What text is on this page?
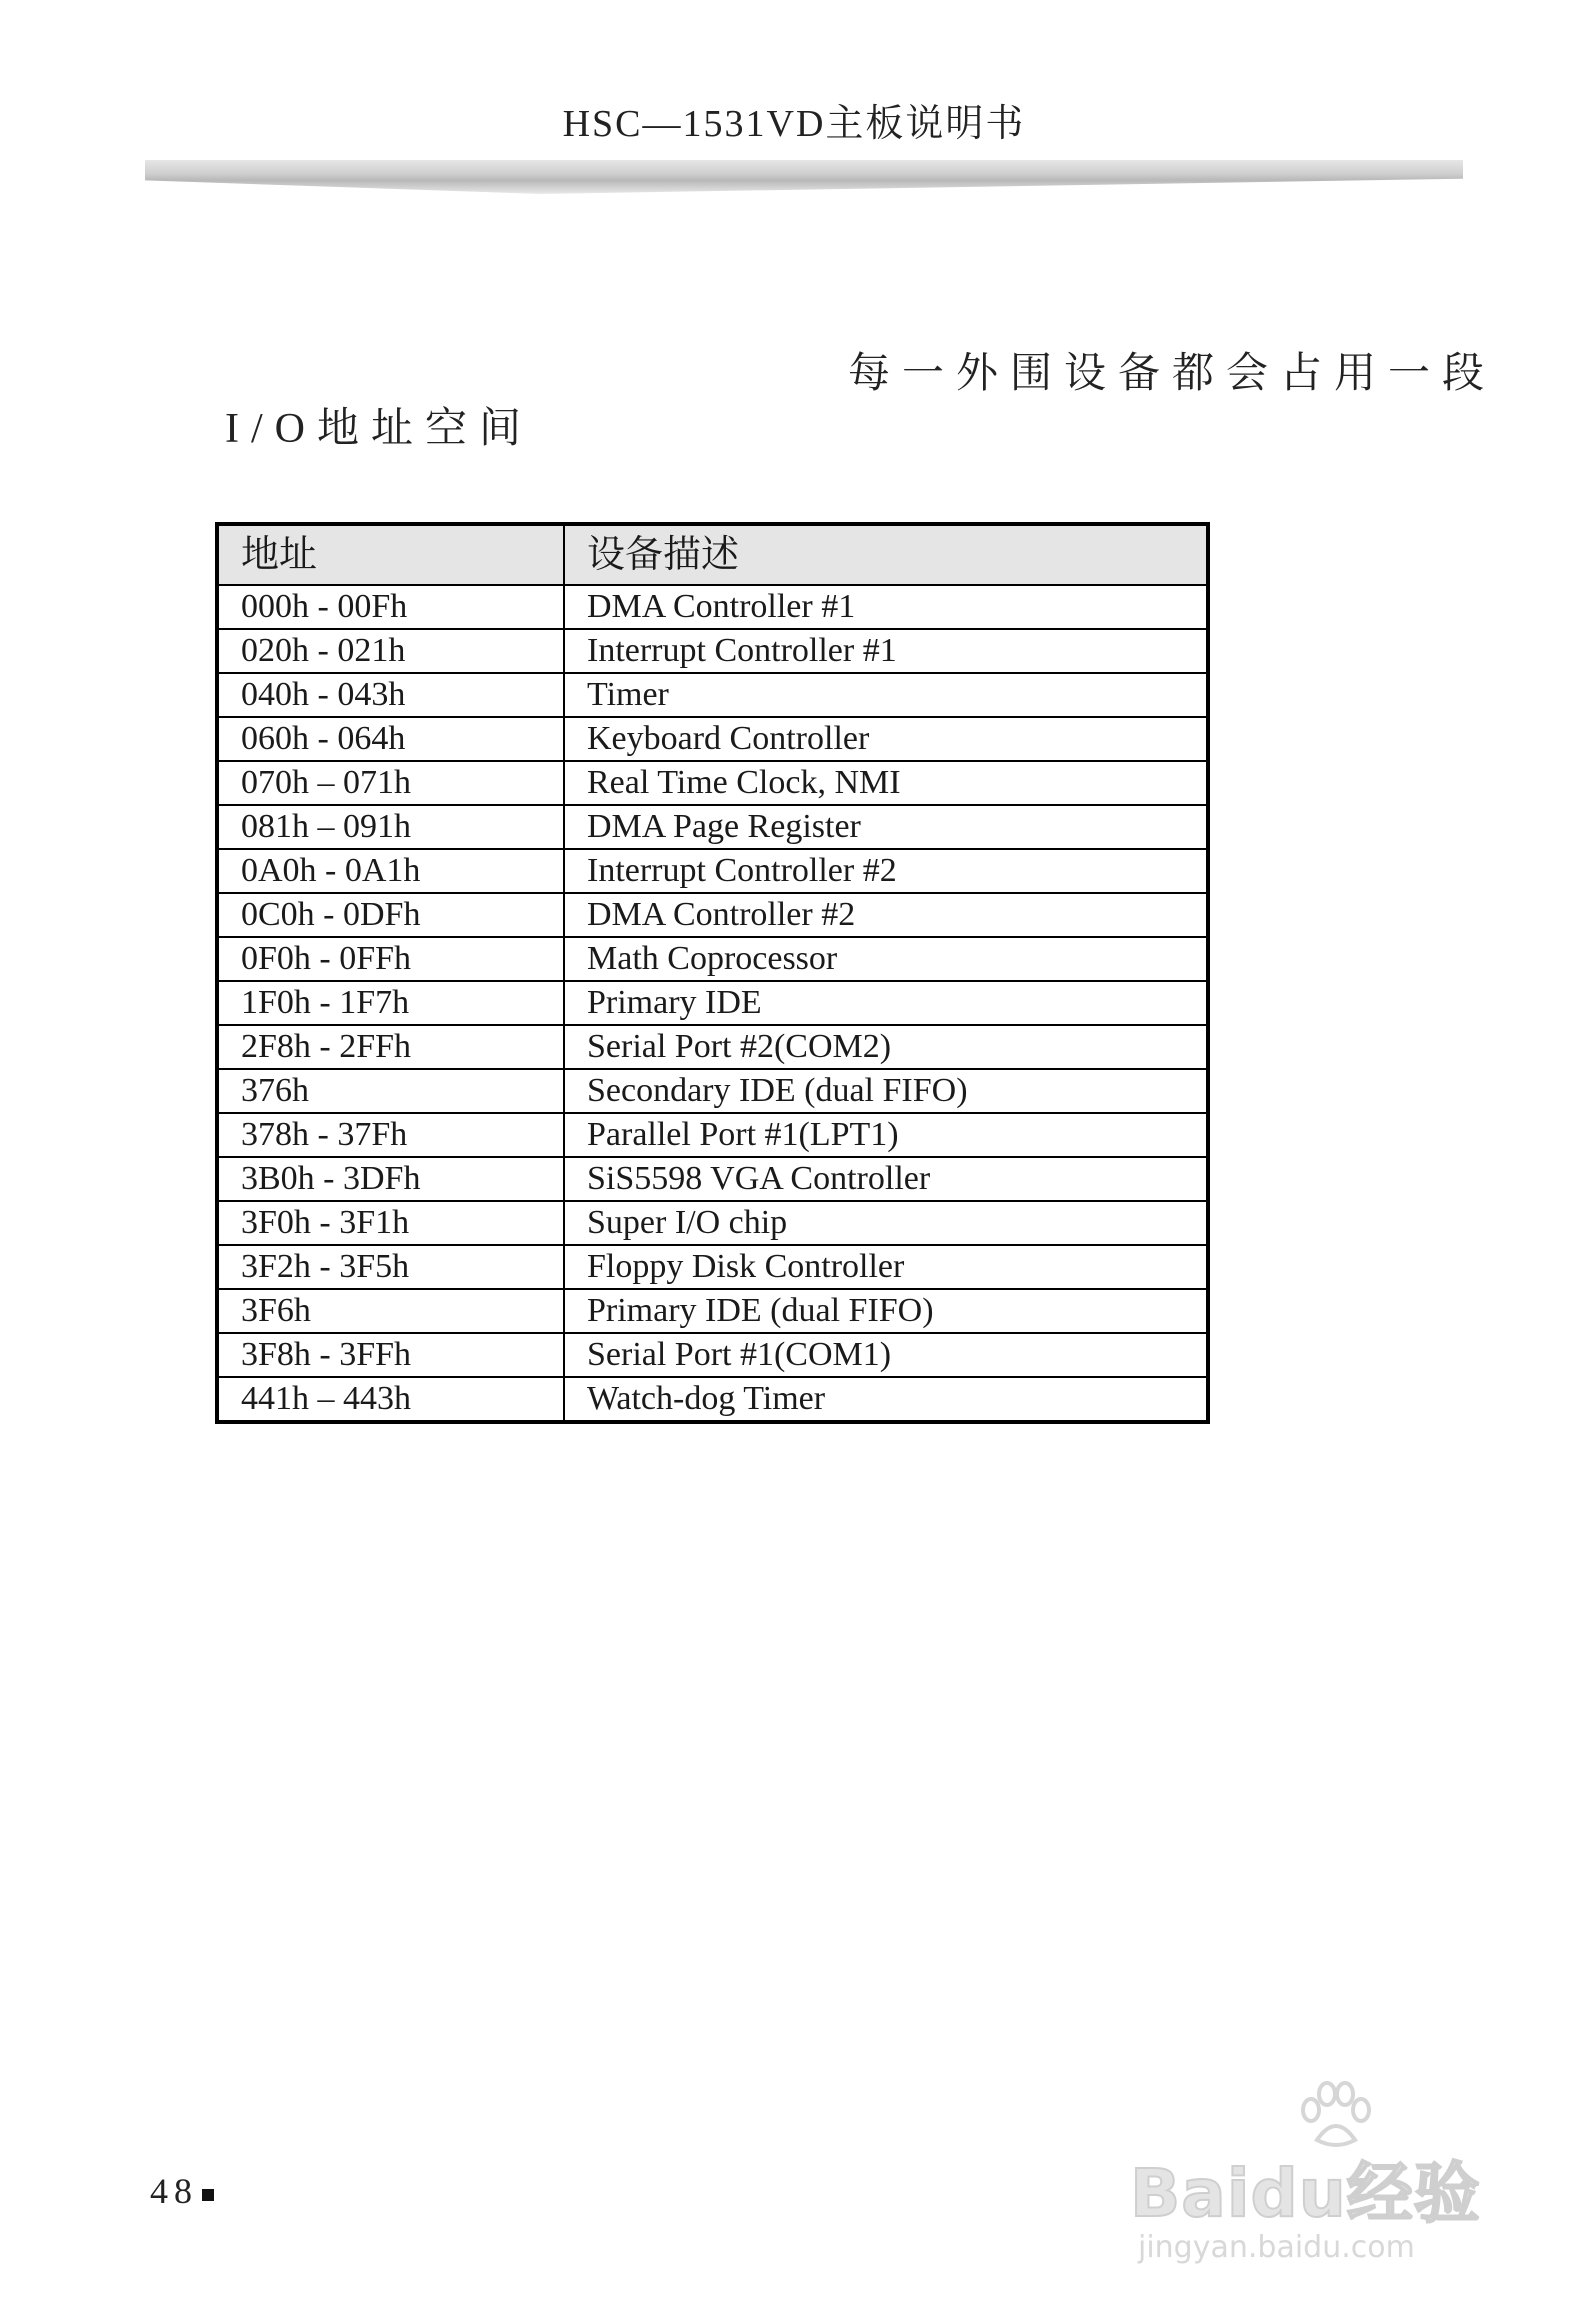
HSC—1531VD主板说明书
每一外围设备都会占用一段
I/O地址空间
地址	设备描述
000h - 00Fh	DMA Controller #1
020h - 021h	Interrupt Controller #1
040h - 043h	Timer
060h - 064h	Keyboard Controller
070h – 071h	Real Time Clock, NMI
081h – 091h	DMA Page Register
0A0h - 0A1h	Interrupt Controller #2
0C0h - 0DFh	DMA Controller #2
0F0h - 0FFh	Math Coprocessor
1F0h - 1F7h	Primary IDE
2F8h - 2FFh	Serial Port #2(COM2)
376h	Secondary IDE (dual FIFO)
378h - 37Fh	Parallel Port #1(LPT1)
3B0h - 3DFh	SiS5598 VGA Controller
3F0h - 3F1h	Super I/O chip
3F2h - 3F5h	Floppy Disk Controller
3F6h	Primary IDE (dual FIFO)
3F8h - 3FFh	Serial Port #1(COM1)
441h – 443h	Watch-dog Timer
48	Baidu经验
jingyan.baidu.com
